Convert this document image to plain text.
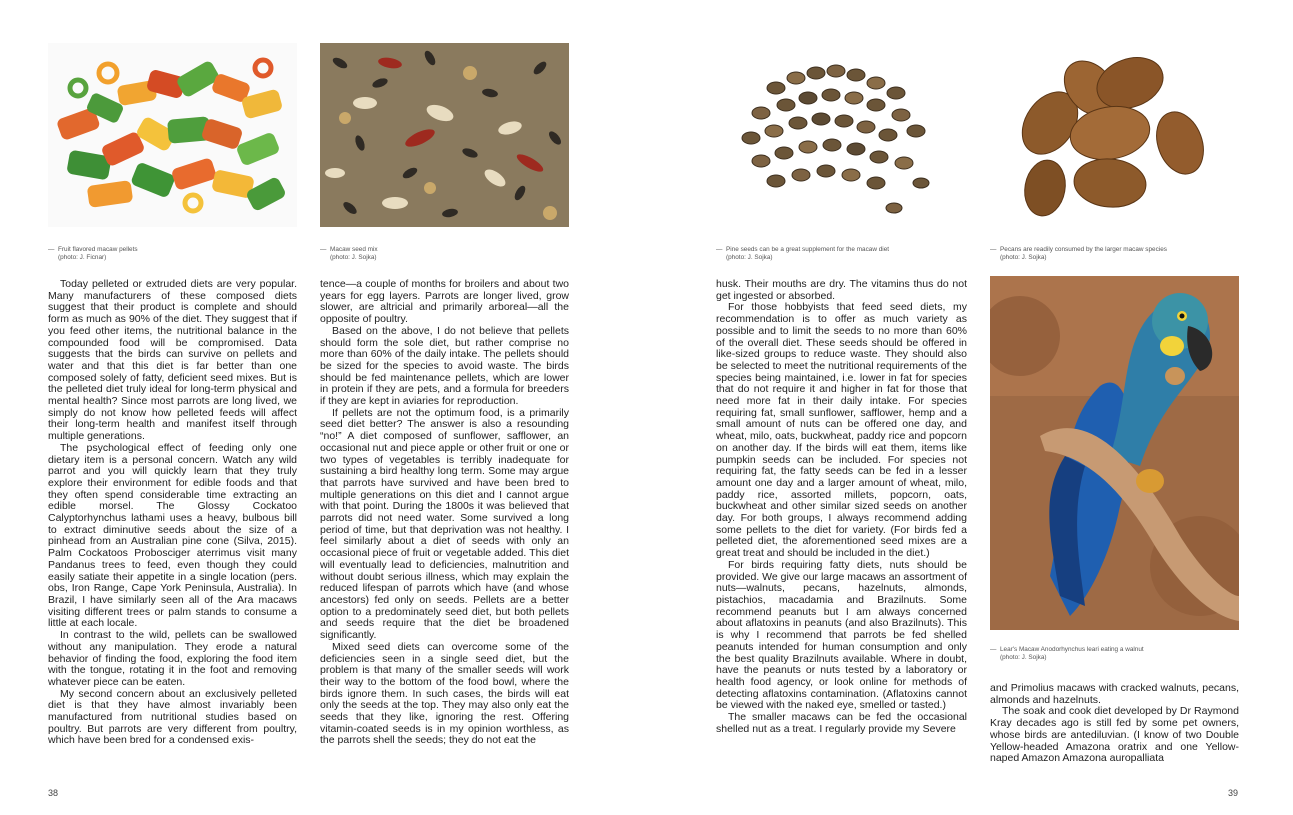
— Fruit flavored macaw pellets
(photo: J. Ficnar)
— Macaw seed mix
(photo: J. Sojka)

Today pelleted or extruded diets are very popular. Many manufacturers of these composed diets suggest that their product is complete and should form as much as 90% of the diet. They suggest that if you feed other items, the nutritional balance in the compounded food will be compromised. Data suggests that the birds can survive on pellets and water and that this diet is far better than one composed solely of fatty, deficient seed mixes. But is the pelleted diet truly ideal for long-term physical and mental health? Since most parrots are long lived, we simply do not know how pelleted feeds will affect their long-term health and manifest itself through multiple generations.

The psychological effect of feeding only one dietary item is a personal concern. Watch any wild parrot and you will quickly learn that they truly explore their environment for edible foods and that they often spend considerable time extracting an edible morsel. The Glossy Cockatoo Calyptorhynchus lathami uses a heavy, bulbous bill to extract diminutive seeds about the size of a pinhead from an Australian pine cone (Silva, 2015). Palm Cockatoos Probosciger aterrimus visit many Pandanus trees to feed, even though they could easily satiate their appetite in a single location (pers. obs, Iron Range, Cape York Peninsula, Australia). In Brazil, I have similarly seen all of the Ara macaws visiting different trees or palm stands to consume a little at each locale.

In contrast to the wild, pellets can be swallowed without any manipulation. They erode a natural behavior of finding the food, exploring the food item with the tongue, rotating it in the foot and removing whatever piece can be eaten.

My second concern about an exclusively pelleted diet is that they have almost invariably been manufactured from nutritional studies based on poultry. But parrots are very different from poultry, which have been bred for a condensed exis-

tence—a couple of months for broilers and about two years for egg layers. Parrots are longer lived, grow slower, are altricial and primarily arboreal—all the opposite of poultry.

Based on the above, I do not believe that pellets should form the sole diet, but rather comprise no more than 60% of the daily intake. The pellets should be sized for the species to avoid waste. The birds should be fed maintenance pellets, which are lower in protein if they are pets, and a formula for breeders if they are kept in aviaries for reproduction.

If pellets are not the optimum food, is a primarily seed diet better? The answer is also a resounding “no!” A diet composed of sunflower, safflower, an occasional nut and piece apple or other fruit or one or two types of vegetables is terribly inadequate for sustaining a bird healthy long term. Some may argue that parrots have survived and have been bred to multiple generations on this diet and I cannot argue with that point. During the 1800s it was believed that parrots did not need water. Some survived a long period of time, but that deprivation was not healthy. I feel similarly about a diet of seeds with only an occasional piece of fruit or vegetable added. This diet will eventually lead to deficiencies, malnutrition and without doubt serious illness, which may explain the reduced lifespan of parrots which have (and whose ancestors) fed only on seeds. Pellets are a better option to a predominately seed diet, but both pellets and seeds require that the diet be broadened significantly.

Mixed seed diets can overcome some of the deficiencies seen in a single seed diet, but the problem is that many of the smaller seeds will work their way to the bottom of the food bowl, where the birds ignore them. In such cases, the birds will eat only the seeds at the top. They may also only eat the seeds that they like, ignoring the rest. Offering vitamin-coated seeds is in my opinion worthless, as the parrots shell the seeds; they do not eat the

38
— Pine seeds can be a great supplement for the macaw diet
(photo: J. Sojka)
— Pecans are readily consumed by the larger macaw species
(photo: J. Sojka)
— Lear's Macaw Anodorhynchus leari eating a walnut
(photo: J. Sojka)

husk. Their mouths are dry. The vitamins thus do not get ingested or absorbed.

For those hobbyists that feed seed diets, my recommendation is to offer as much variety as possible and to limit the seeds to no more than 60% of the overall diet. These seeds should be offered in like-sized groups to reduce waste. They should also be selected to meet the nutritional requirements of the species being maintained, i.e. lower in fat for species that do not require it and higher in fat for those that need more fat in their daily intake. For species requiring fat, small sunflower, safflower, hemp and a small amount of nuts can be offered one day, and wheat, milo, oats, buckwheat, paddy rice and popcorn on another day. If the birds will eat them, items like pumpkin seeds can be included. For species not requiring fat, the fatty seeds can be fed in a lesser amount one day and a larger amount of wheat, milo, paddy rice, assorted millets, popcorn, oats, buckwheat and other similar sized seeds on another day. For both groups, I always recommend adding some pellets to the diet for variety. (For birds fed a pelleted diet, the aforementioned seed mixes are a great treat and should be included in the diet.)

For birds requiring fatty diets, nuts should be provided. We give our large macaws an assortment of nuts—walnuts, pecans, hazelnuts, almonds, pistachios, macadamia and Brazilnuts. Some recommend peanuts but I am always concerned about aflatoxins in peanuts (and also Brazilnuts). This is why I recommend that parrots be fed shelled peanuts intended for human consumption and only the best quality Brazilnuts available. Where in doubt, have the peanuts or nuts tested by a laboratory or health food agency, or look online for methods of detecting aflatoxins contamination. (Aflatoxins cannot be viewed with the naked eye, smelled or tasted.)

The smaller macaws can be fed the occasional shelled nut as a treat. I regularly provide my Severe

and Primolius macaws with cracked walnuts, pecans, almonds and hazelnuts.

The soak and cook diet developed by Dr Raymond Kray decades ago is still fed by some pet owners, whose birds are antediluvian. (I know of two Double Yellow-headed Amazona oratrix and one Yellow-naped Amazon Amazona auropalliata

39
